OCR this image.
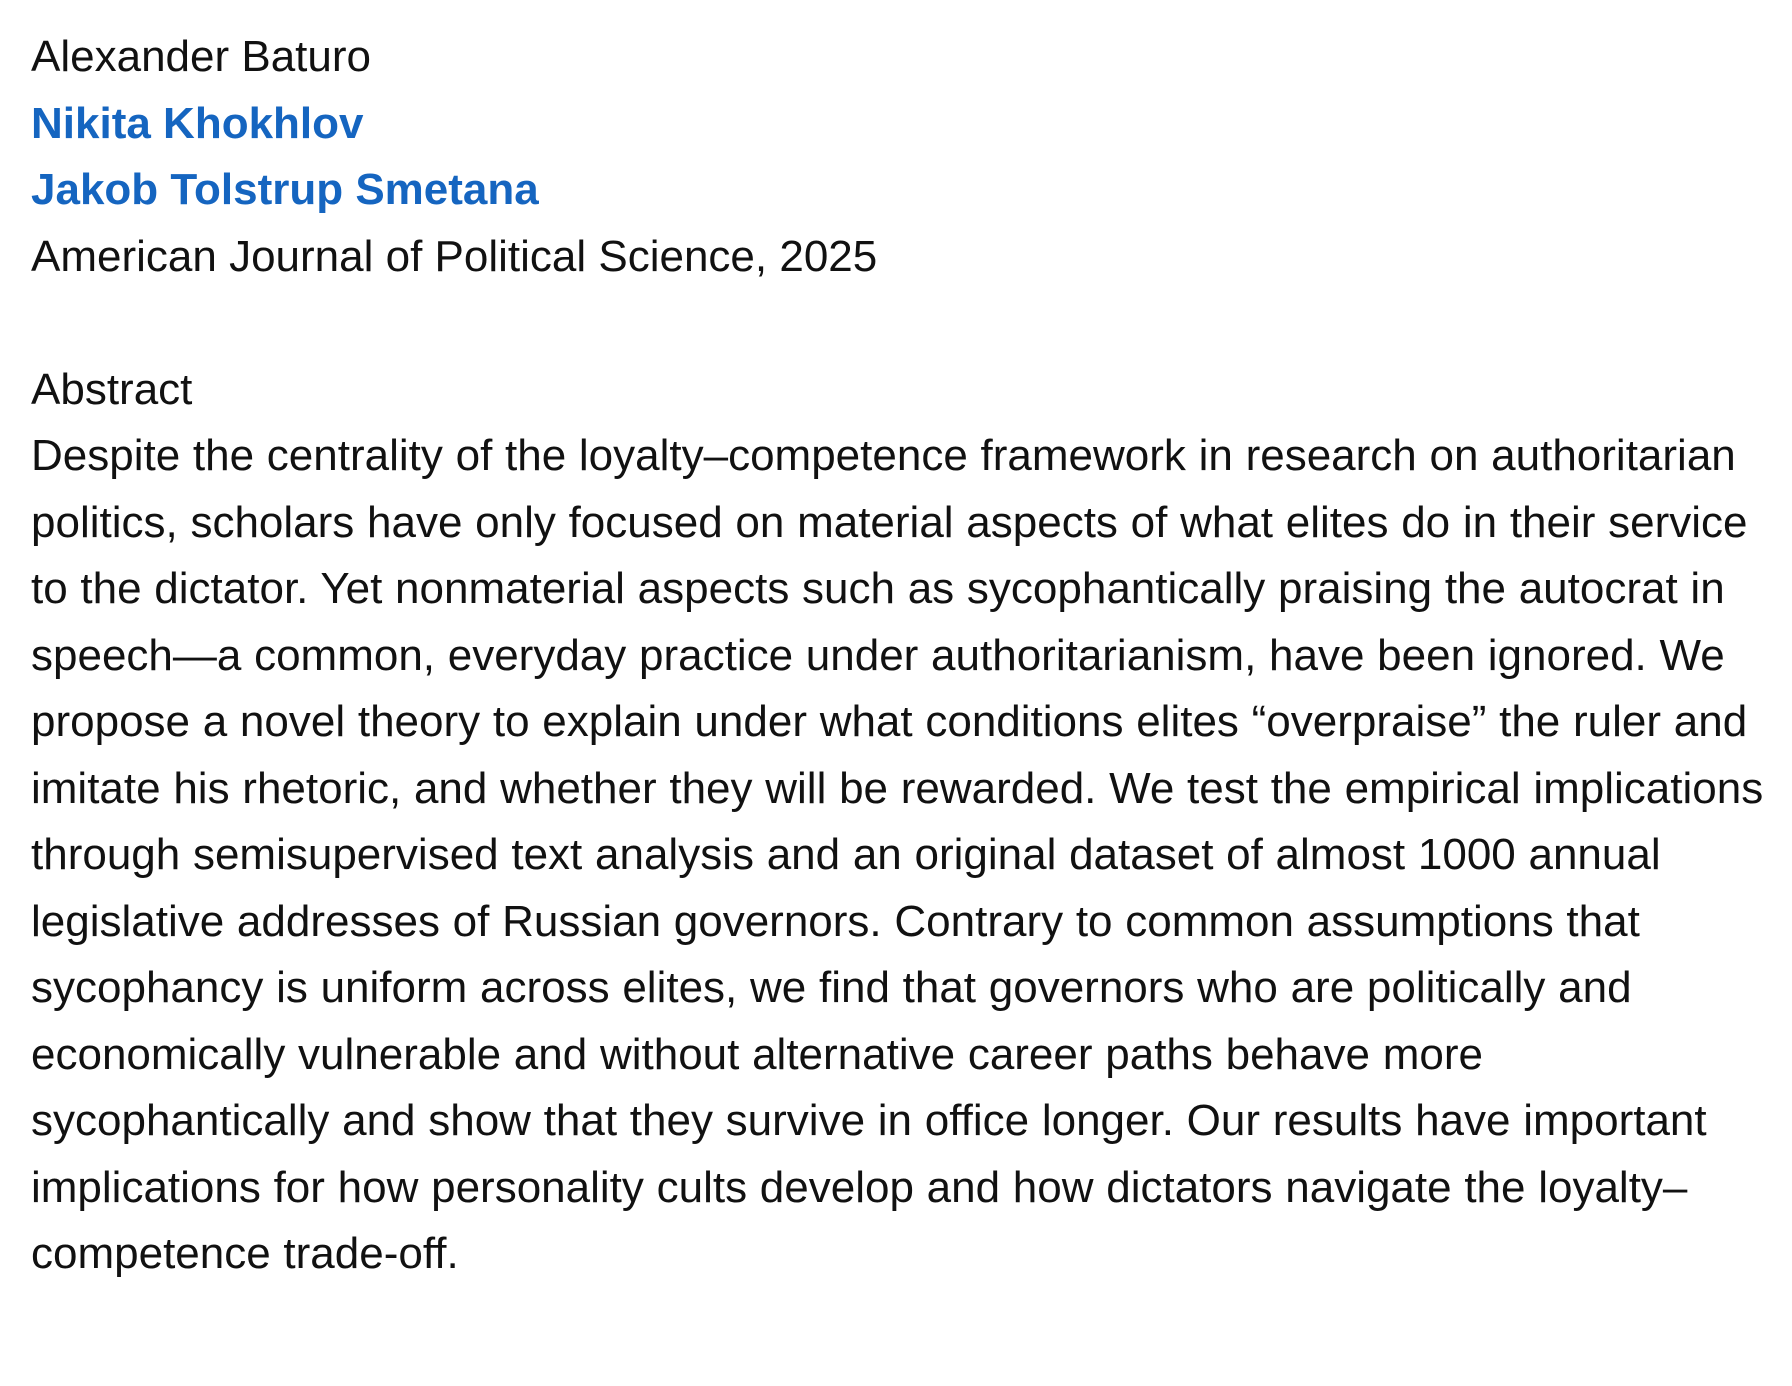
Alexander Baturo
Nikita Khokhlov
Jakob Tolstrup Smetana
American Journal of Political Science, 2025
Abstract
Despite the centrality of the loyalty–competence framework in research on authoritarian politics, scholars have only focused on material aspects of what elites do in their service to the dictator. Yet nonmaterial aspects such as sycophantically praising the autocrat in speech—a common, everyday practice under authoritarianism, have been ignored. We propose a novel theory to explain under what conditions elites “overpraise” the ruler and imitate his rhetoric, and whether they will be rewarded. We test the empirical implications through semisupervised text analysis and an original dataset of almost 1000 annual legislative addresses of Russian governors. Contrary to common assumptions that sycophancy is uniform across elites, we find that governors who are politically and economically vulnerable and without alternative career paths behave more sycophantically and show that they survive in office longer. Our results have important implications for how personality cults develop and how dictators navigate the loyalty–competence trade-off.
